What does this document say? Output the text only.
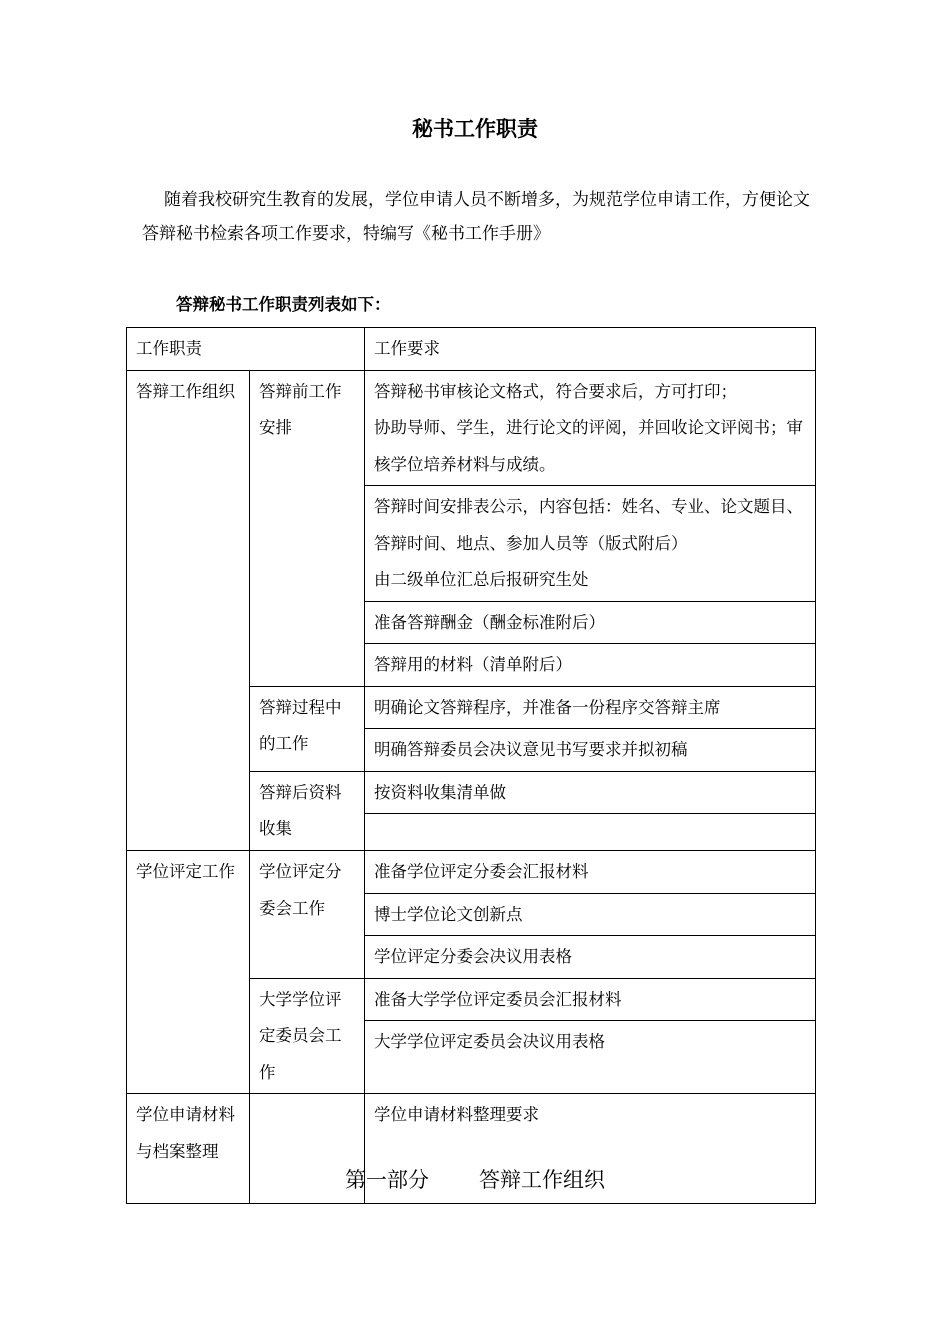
秘书工作职责

随着我校研究生教育的发展，学位申请人员不断增多，为规范学位申请工作，方便论文答辩秘书检索各项工作要求，特编写《秘书工作手册》

答辩秘书工作职责列表如下：
工作职责		工作要求
答辩工作组织	答辩前工作安排	答辩秘书审核论文格式，符合要求后，方可打印；
协助导师、学生，进行论文的评阅，并回收论文评阅书；审核学位培养材料与成绩。

		答辩时间安排表公示，内容包括：姓名、专业、论文题目、答辩时间、地点、参加人员等（版式附后）
由二级单位汇总后报研究生处

		准备答辩酬金（酬金标准附后）
		答辩用的材料（清单附后）
	答辩过程中的工作	明确论文答辩程序，并准备一份程序交答辩主席
		明确答辩委员会决议意见书写要求并拟初稿
	答辩后资料收集	按资料收集清单做

学位评定工作	学位评定分委会工作	准备学位评定分委会汇报材料
		博士学位论文创新点
		学位评定分委会决议用表格
	大学学位评定委员会工作	准备大学学位评定委员会汇报材料
		大学学位评定委员会决议用表格
学位申请材料与档案整理		学位申请材料整理要求
第一部分 答辩工作组织
